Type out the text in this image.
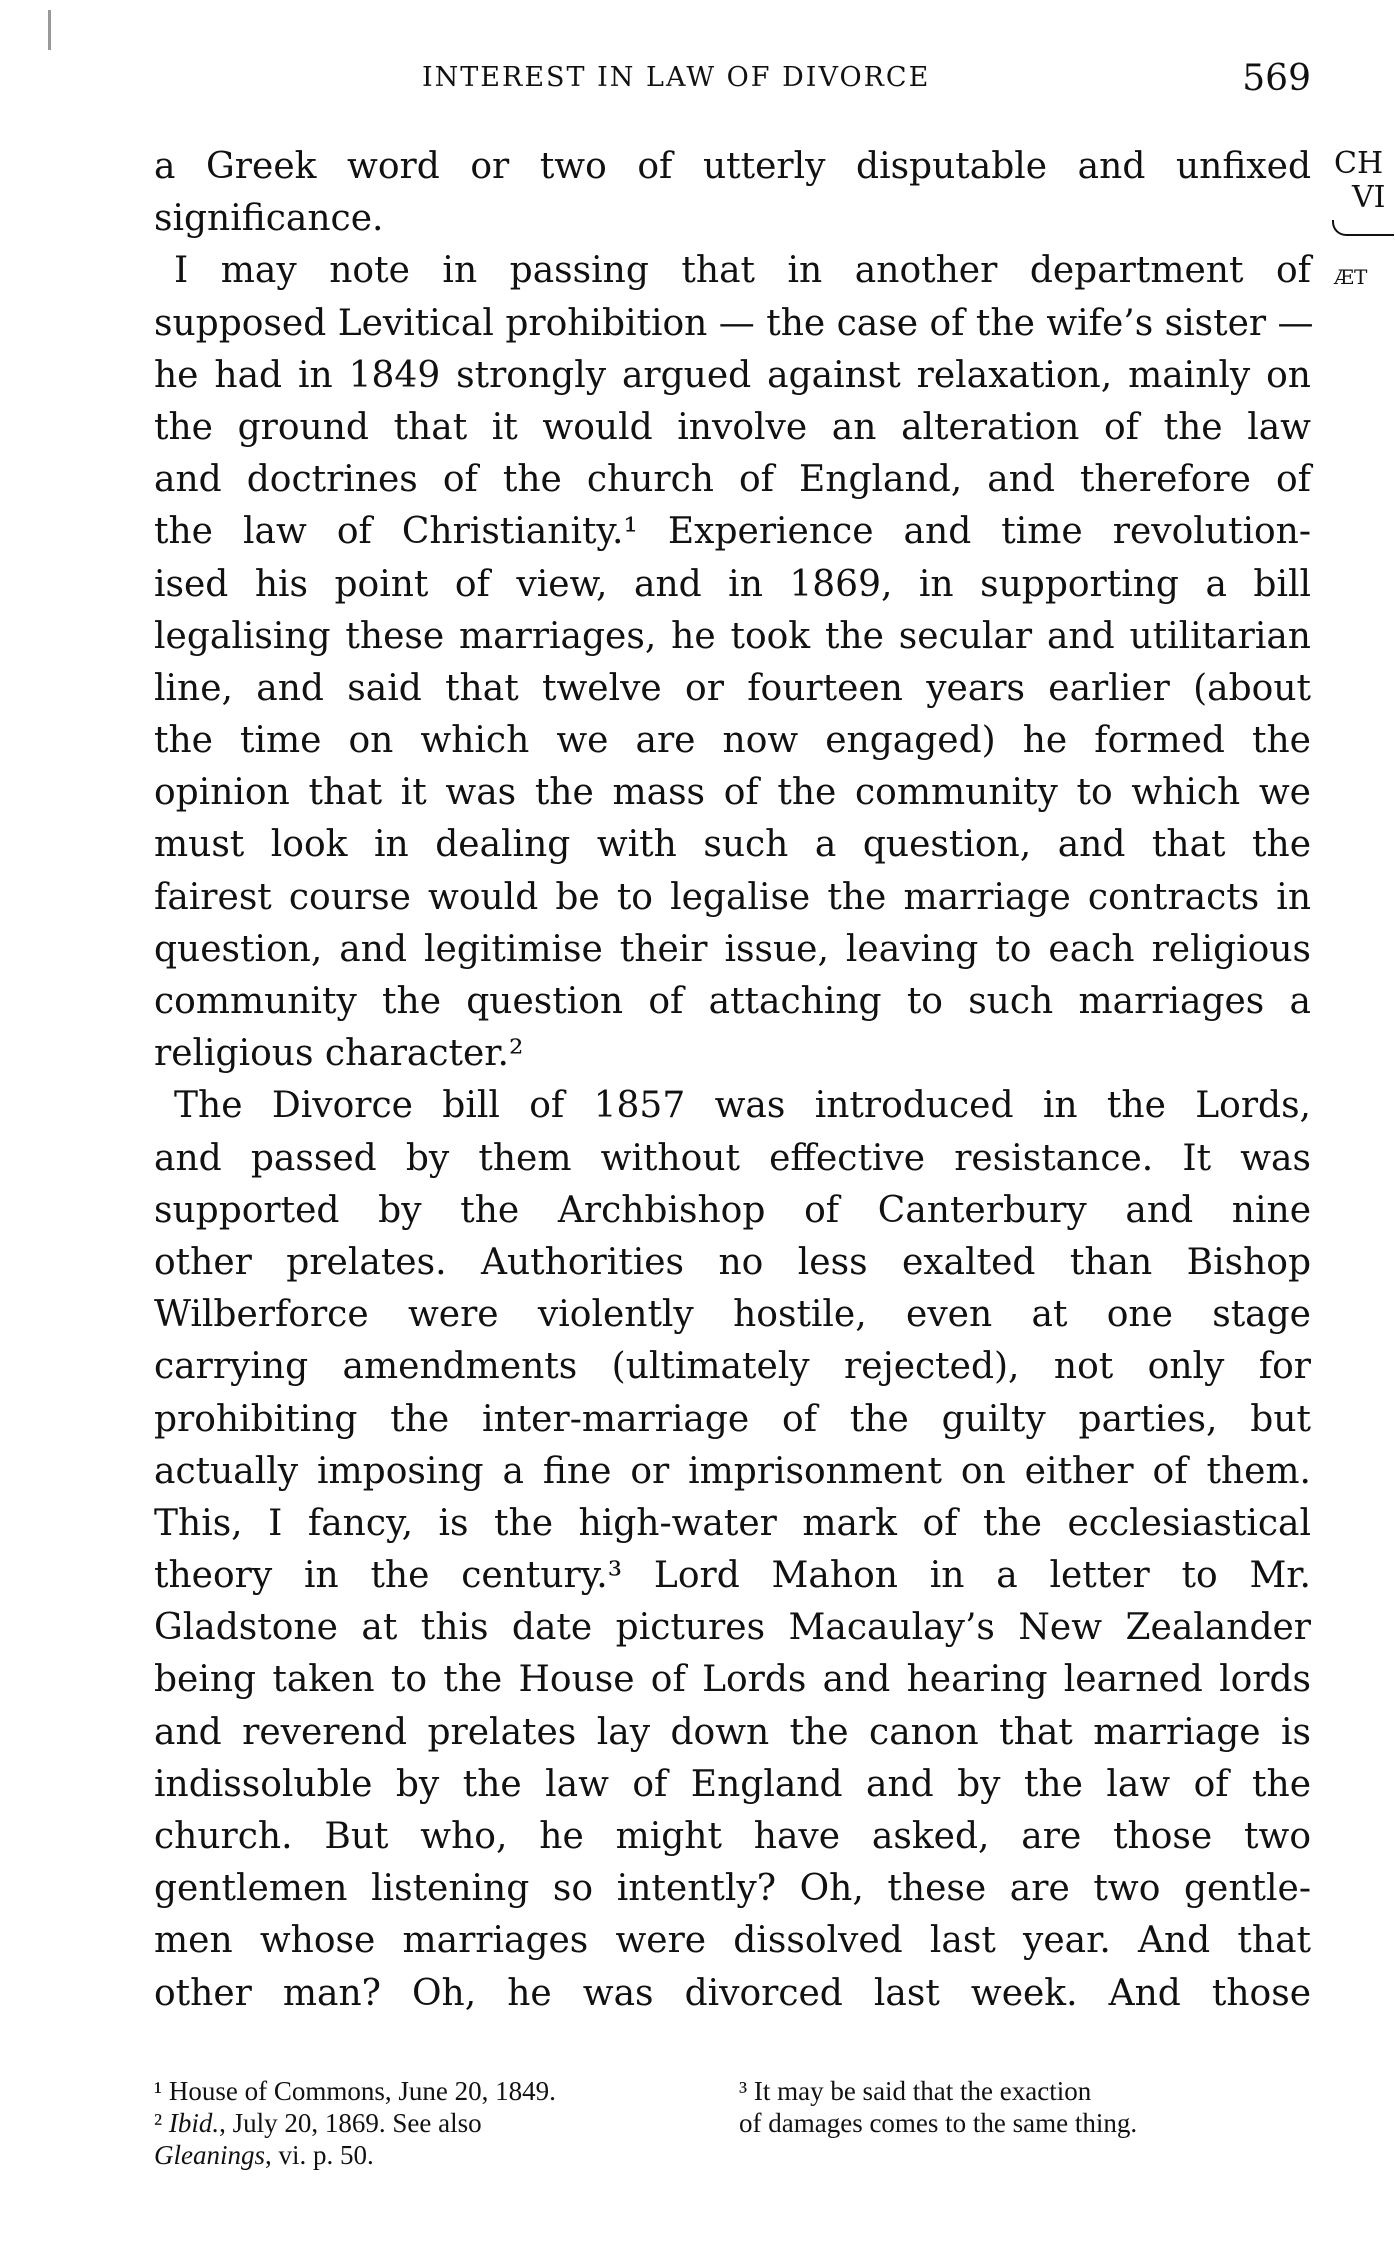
INTEREST IN LAW OF DIVORCE	569
CH
VI
ÆT
a Greek word or two of utterly disputable and unfixed
significance.
I may note in passing that in another department of
supposed Levitical prohibition — the case of the wife’s sister —
he had in 1849 strongly argued against relaxation, mainly on
the ground that it would involve an alteration of the law
and doctrines of the church of England, and therefore of
the law of Christianity.¹ Experience and time revolution-
ised his point of view, and in 1869, in supporting a bill
legalising these marriages, he took the secular and utilitarian
line, and said that twelve or fourteen years earlier (about
the time on which we are now engaged) he formed the
opinion that it was the mass of the community to which we
must look in dealing with such a question, and that the
fairest course would be to legalise the marriage contracts in
question, and legitimise their issue, leaving to each religious
community the question of attaching to such marriages a
religious character.²
The Divorce bill of 1857 was introduced in the Lords,
and passed by them without effective resistance. It was
supported by the Archbishop of Canterbury and nine
other prelates. Authorities no less exalted than Bishop
Wilberforce were violently hostile, even at one stage
carrying amendments (ultimately rejected), not only for
prohibiting the inter-marriage of the guilty parties, but
actually imposing a fine or imprisonment on either of them.
This, I fancy, is the high-water mark of the ecclesiastical
theory in the century.³ Lord Mahon in a letter to Mr.
Gladstone at this date pictures Macaulay’s New Zealander
being taken to the House of Lords and hearing learned lords
and reverend prelates lay down the canon that marriage is
indissoluble by the law of England and by the law of the
church. But who, he might have asked, are those two
gentlemen listening so intently? Oh, these are two gentle-
men whose marriages were dissolved last year. And that
other man? Oh, he was divorced last week. And those
¹ House of Commons, June 20, 1849.	³ It may be said that the exaction
² Ibid., July 20, 1869. See also	of damages comes to the same thing.
Gleanings, vi. p. 50.
